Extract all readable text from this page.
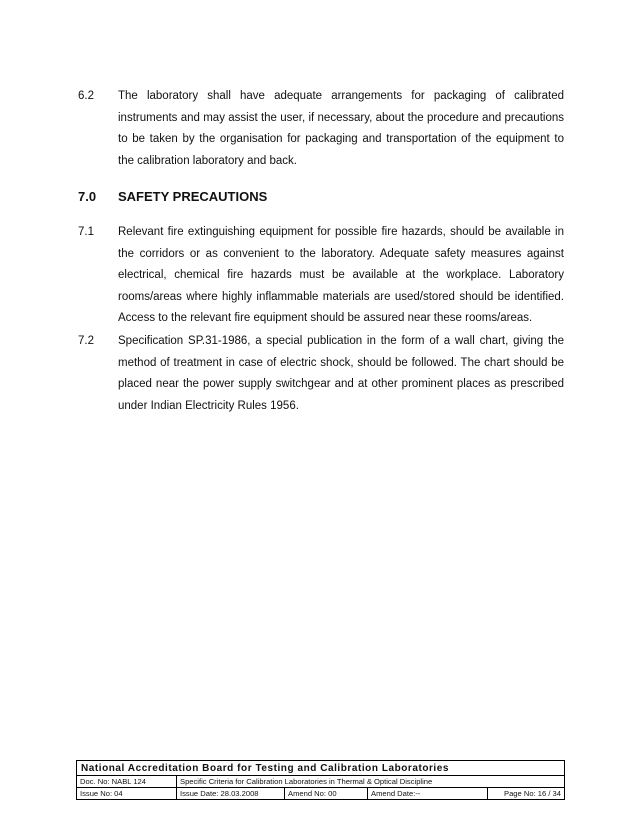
6.2 The laboratory shall have adequate arrangements for packaging of calibrated instruments and may assist the user, if necessary, about the procedure and precautions to be taken by the organisation for packaging and transportation of the equipment to the calibration laboratory and back.
7.0 SAFETY PRECAUTIONS
7.1 Relevant fire extinguishing equipment for possible fire hazards, should be available in the corridors or as convenient to the laboratory. Adequate safety measures against electrical, chemical fire hazards must be available at the workplace. Laboratory rooms/areas where highly inflammable materials are used/stored should be identified. Access to the relevant fire equipment should be assured near these rooms/areas.
7.2 Specification SP.31-1986, a special publication in the form of a wall chart, giving the method of treatment in case of electric shock, should be followed. The chart should be placed near the power supply switchgear and at other prominent places as prescribed under Indian Electricity Rules 1956.
National Accreditation Board for Testing and Calibration Laboratories
Doc. No: NABL 124	Specific Criteria for Calibration Laboratories in Thermal & Optical Discipline
Issue No: 04	Issue Date: 28.03.2008	Amend No: 00	Amend Date:--	Page No: 16 / 34
